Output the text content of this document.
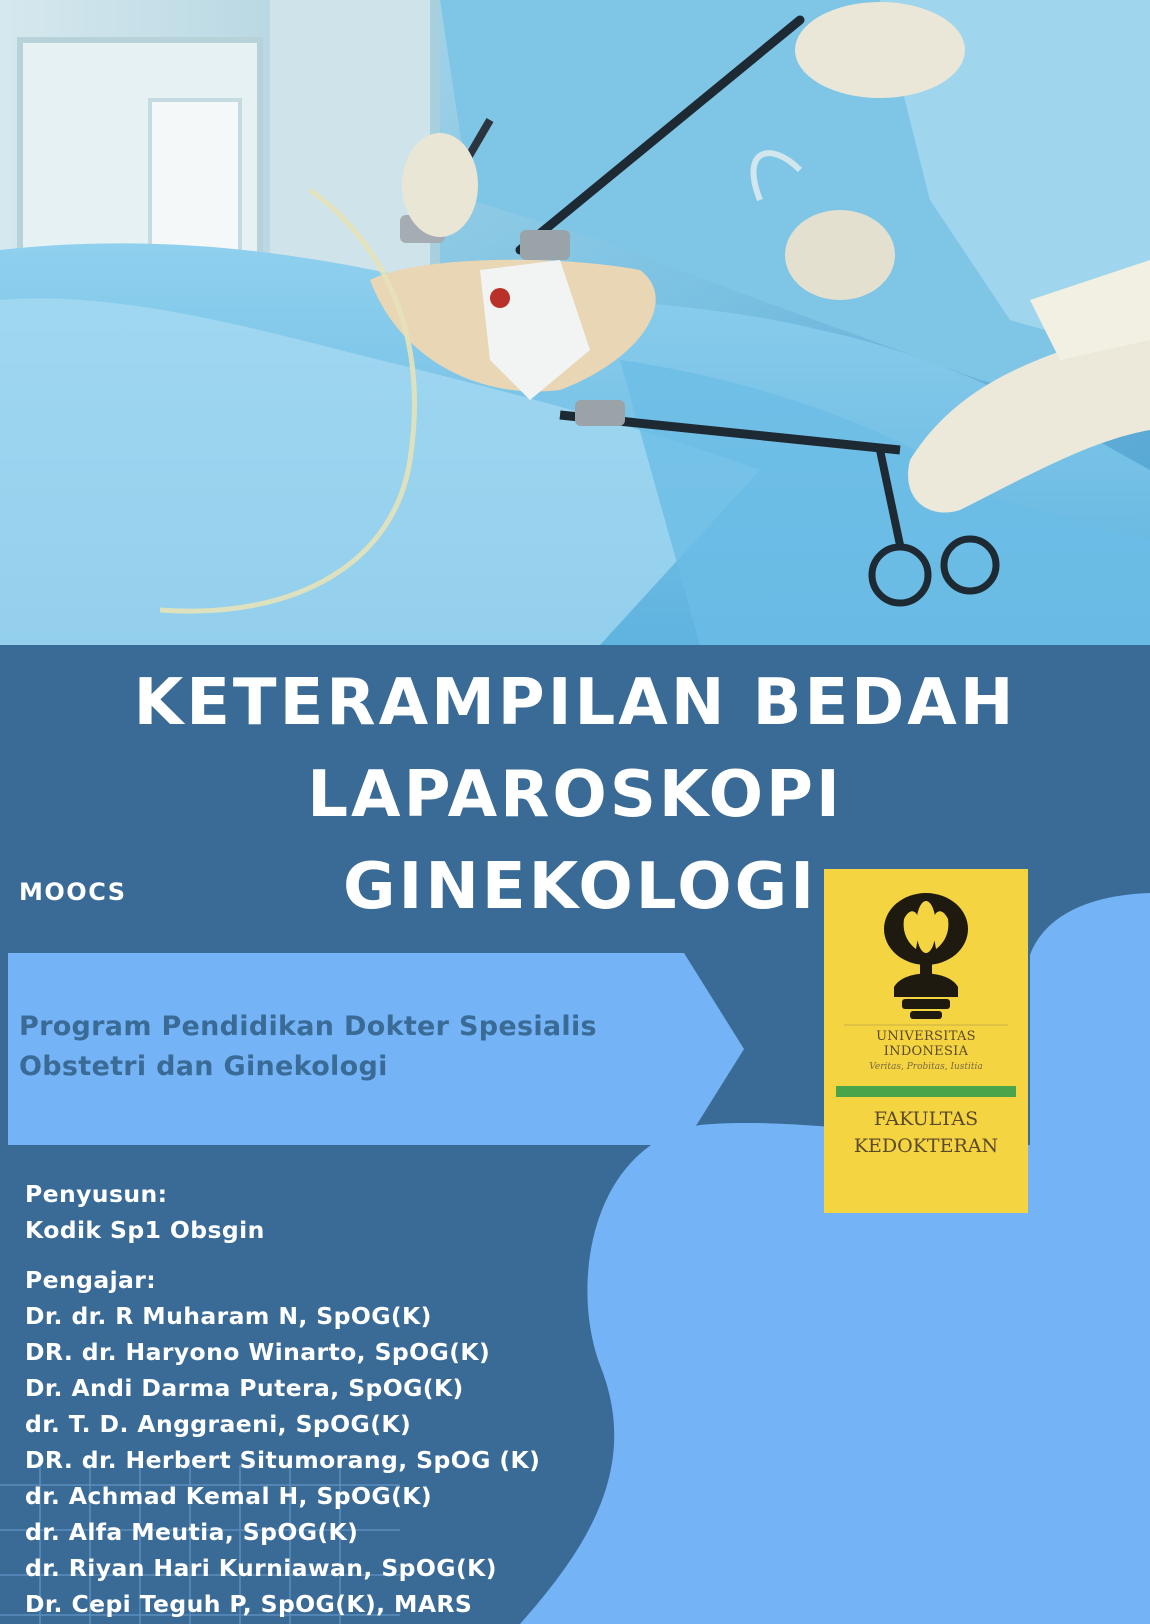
KETERAMPILAN BEDAH
LAPAROSKOPI
GINEKOLOGI
MOOCS
Program Pendidikan Dokter Spesialis
Obstetri dan Ginekologi
UNIVERSITAS
INDONESIA
Veritas, Probitas, Iustitia
FAKULTAS
KEDOKTERAN
Penyusun:
Kodik Sp1 Obsgin
Pengajar:
Dr. dr. R Muharam N, SpOG(K)
DR. dr. Haryono Winarto, SpOG(K)
Dr. Andi Darma Putera, SpOG(K)
dr. T. D. Anggraeni, SpOG(K)
DR. dr. Herbert Situmorang, SpOG (K)
dr. Achmad Kemal H, SpOG(K)
dr. Alfa Meutia, SpOG(K)
dr. Riyan Hari Kurniawan, SpOG(K)
Dr. Cepi Teguh P, SpOG(K), MARS
